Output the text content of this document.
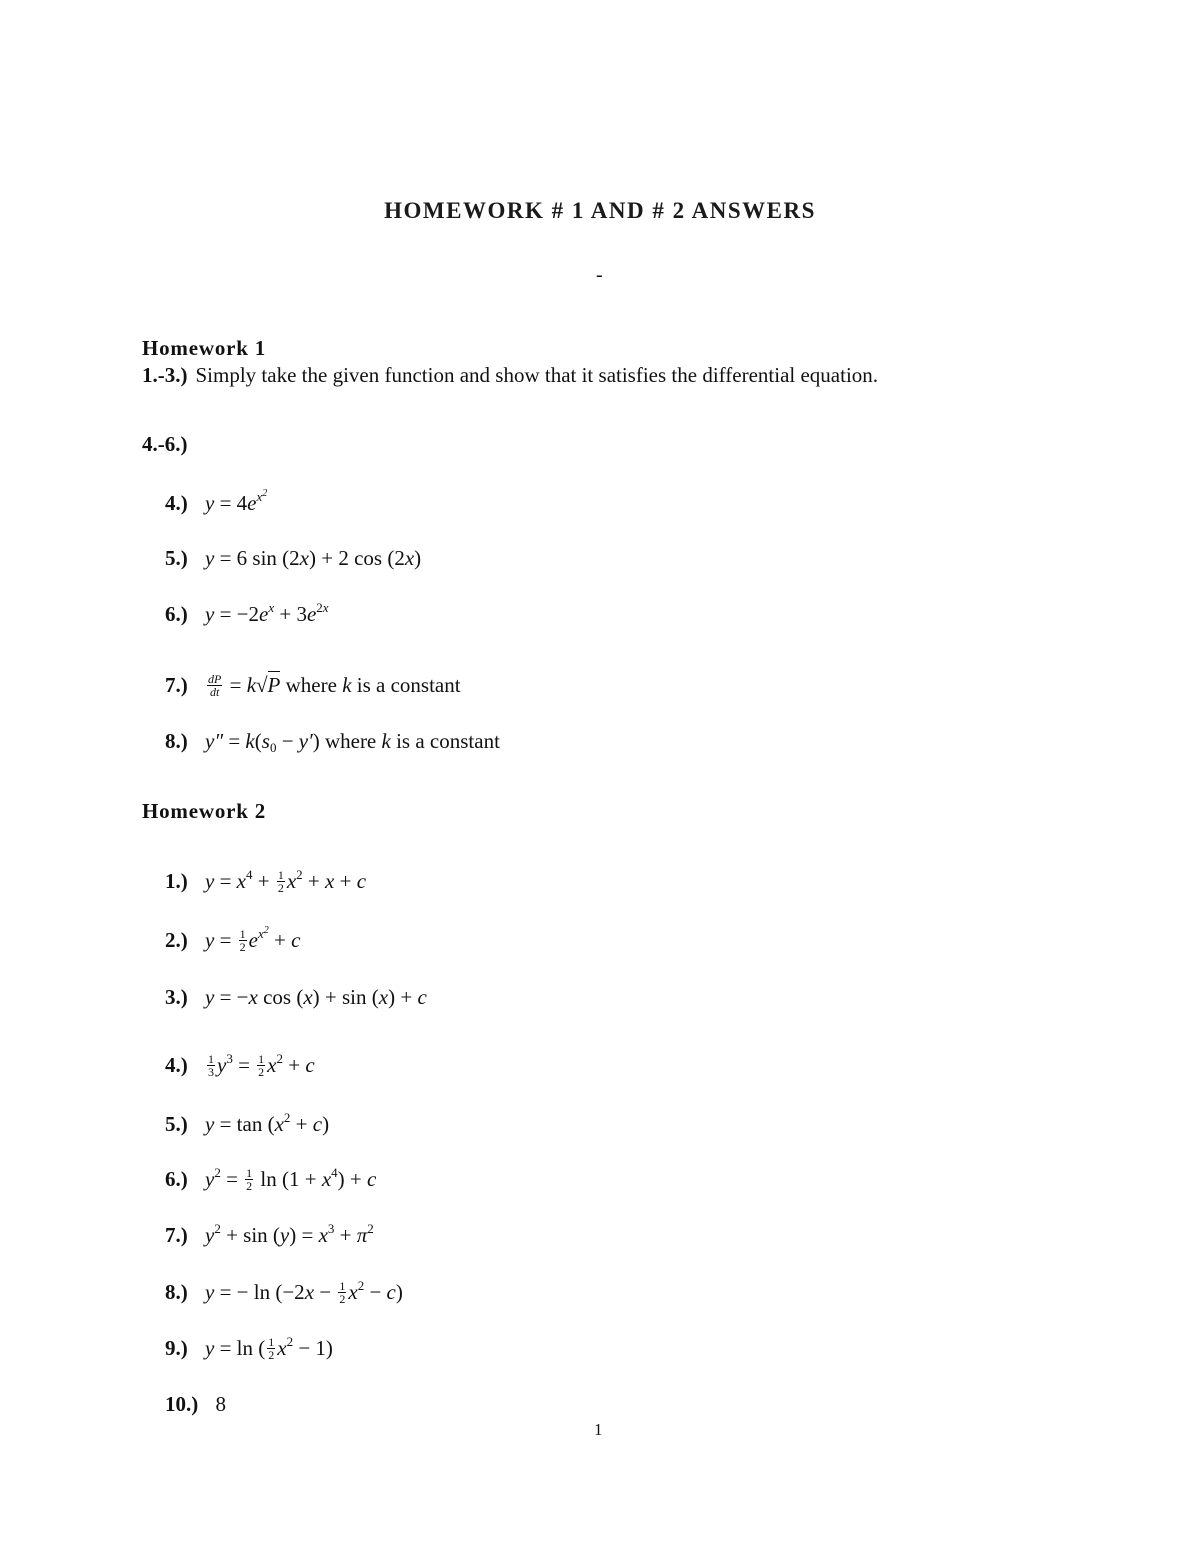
HOMEWORK # 1 AND # 2 ANSWERS
-
Homework 1
1.-3.) Simply take the given function and show that it satisfies the differential equation.
4.-6.)
4.) $y = 4e^{x^2}$
5.) y = 6 sin (2x) + 2 cos (2x)
6.) $y = -2e^x + 3e^{2x}$
$7.) \frac{dP}{dt} = k√P$ where k is a constant
8.) $y'' = k(s_0 - y')$ where k is a constant
Homework 2
1.) $y = x^4 + \frac{1}{2} x^2 + x + c$
2.) $y = \frac{1}{2} e^{x^2} + c$
3.) y = −x cos (x) + sin (x) + c
$4.) \frac{1}{3} y^3 = \frac{1}{2} x^2 + c$
5.) $y = \tan (x^2 + c)$
6.) $y^2 = \frac{1}{2}$ $\ln (1 + x^4) + c$
7.) $y^2 + \sin (y) = x^3 + \pi^2$
8.) y = − $\ln (-2x - \frac{1}{2} x^2 - c)$
9.) y = ln ( $\frac{1}{2} x^2 - 1$)
10.) 8
1
